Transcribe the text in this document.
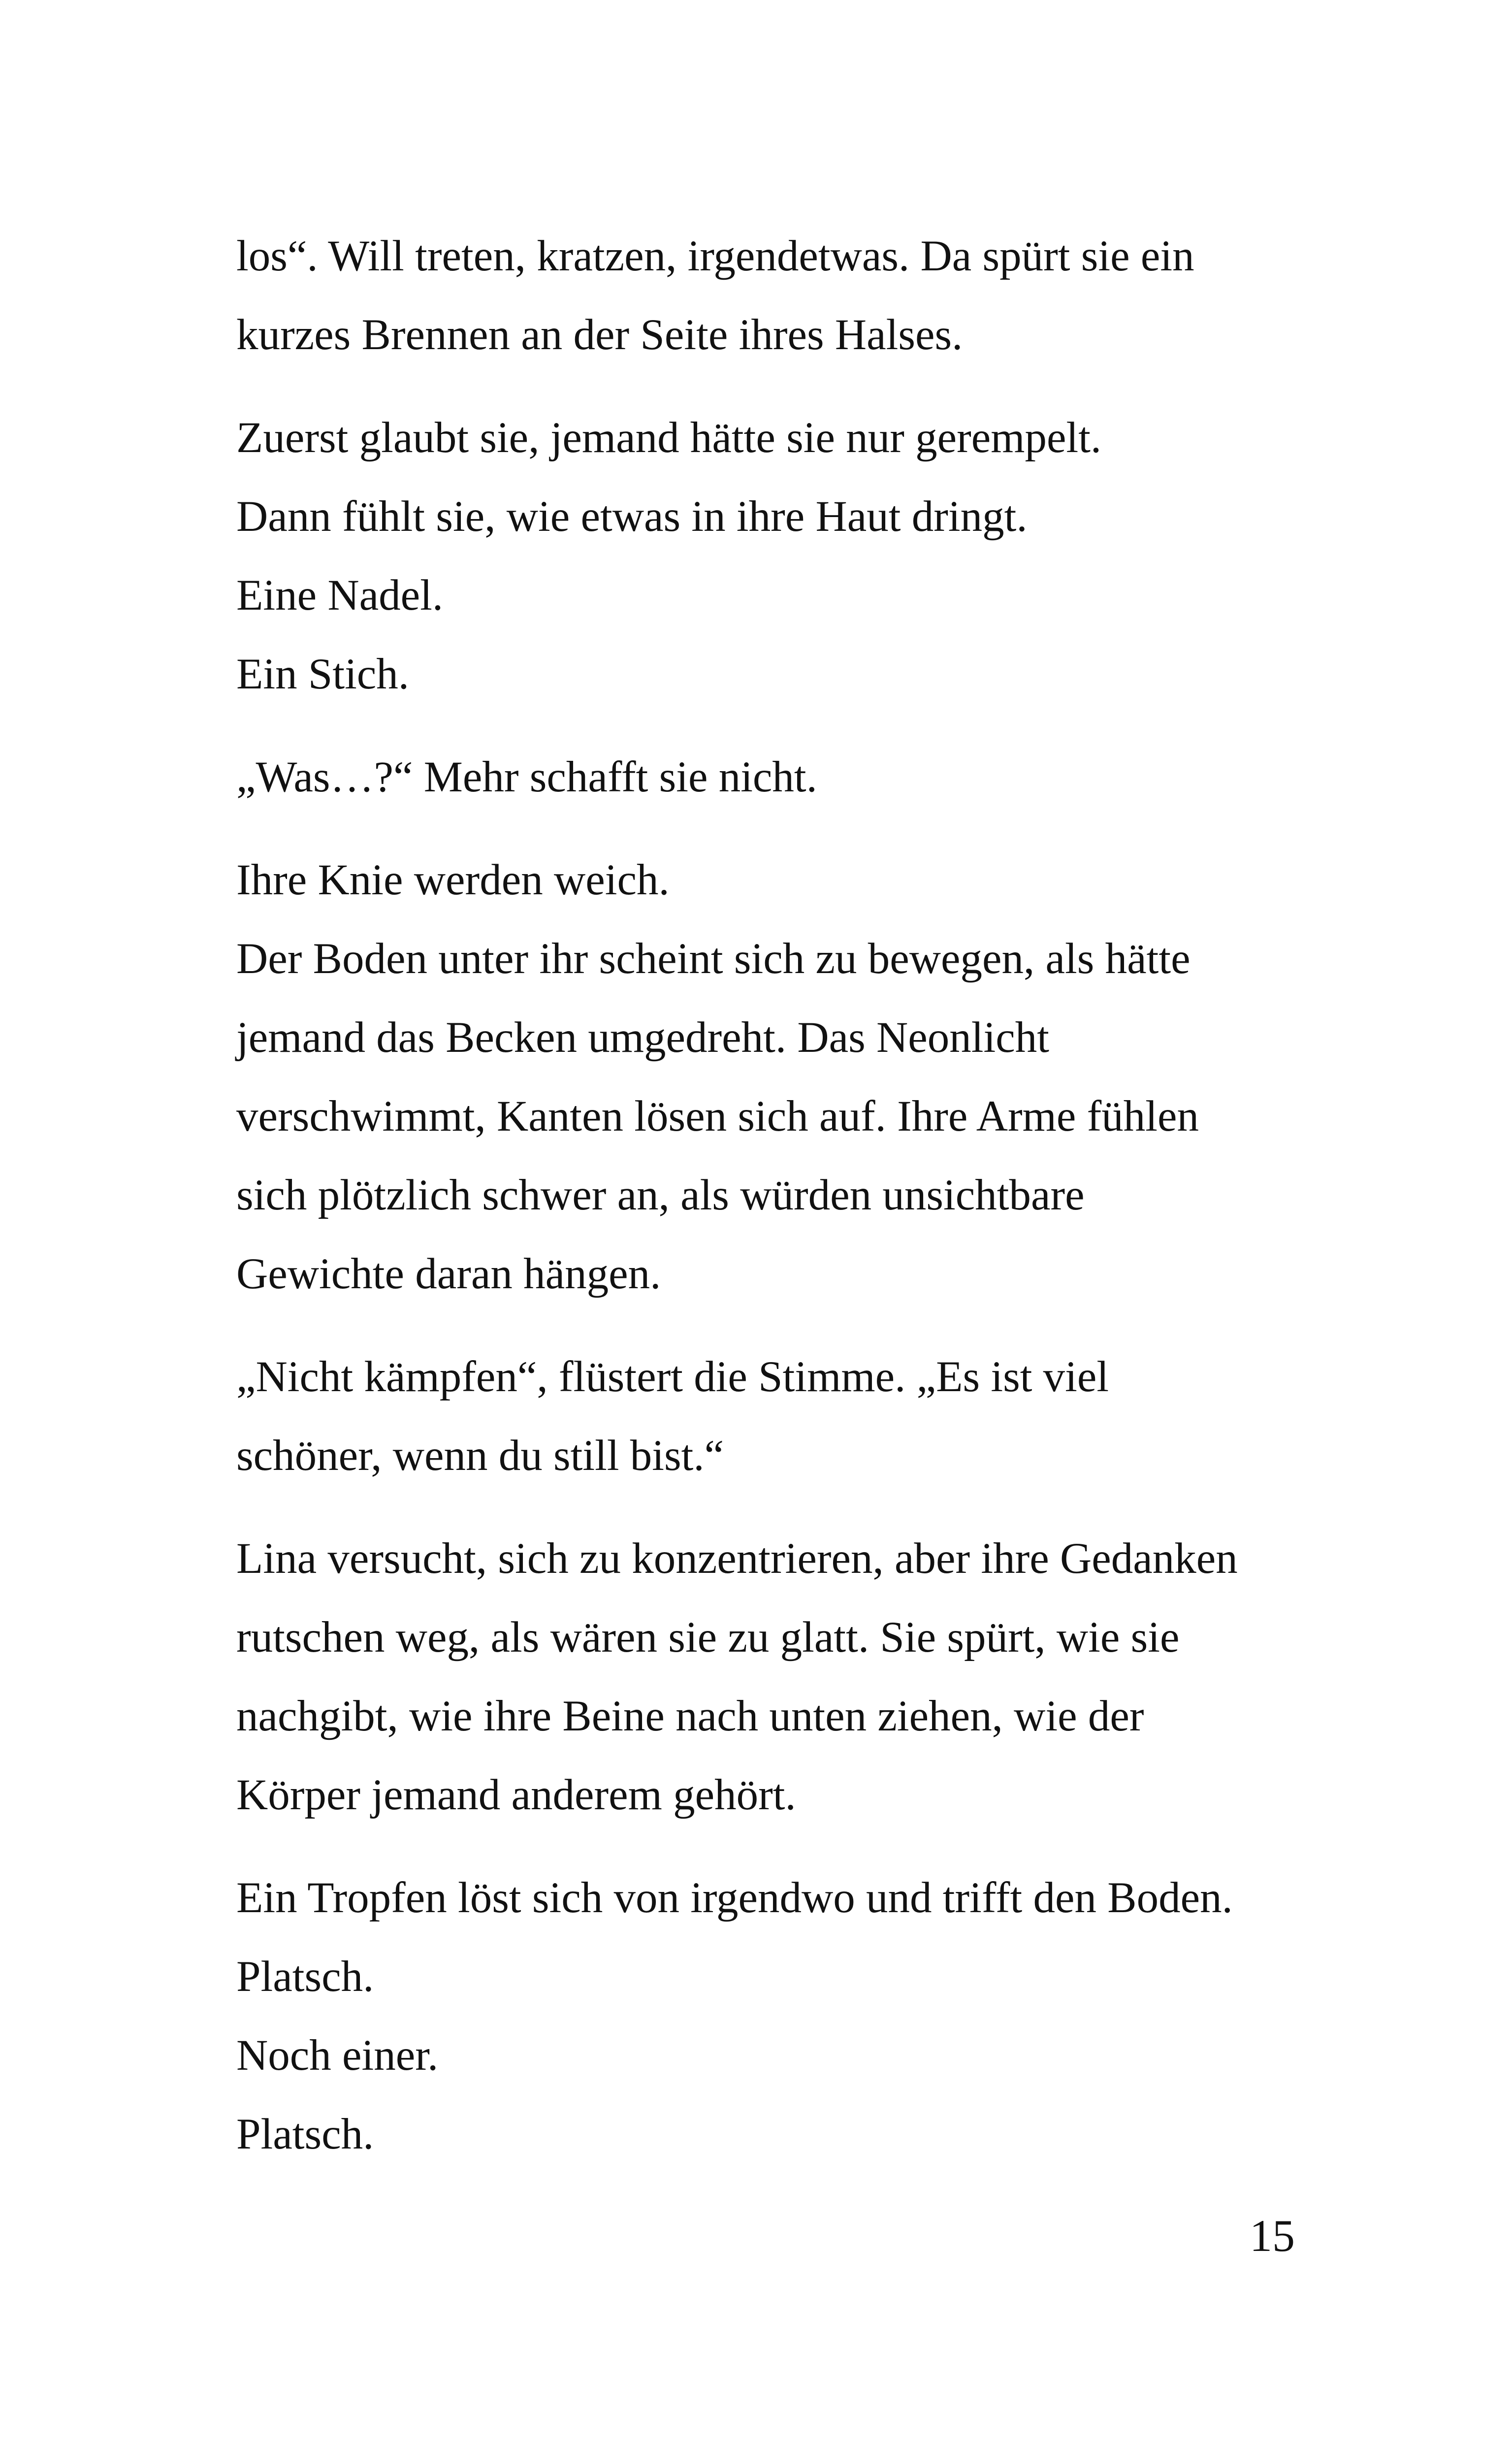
los“. Will treten, kratzen, irgendetwas. Da spürt sie ein
kurzes Brennen an der Seite ihres Halses.

Zuerst glaubt sie, jemand hätte sie nur gerempelt.
Dann fühlt sie, wie etwas in ihre Haut dringt.
Eine Nadel.
Ein Stich.

„Was…?“ Mehr schafft sie nicht.

Ihre Knie werden weich.
Der Boden unter ihr scheint sich zu bewegen, als hätte
jemand das Becken umgedreht. Das Neonlicht
verschwimmt, Kanten lösen sich auf. Ihre Arme fühlen
sich plötzlich schwer an, als würden unsichtbare
Gewichte daran hängen.

„Nicht kämpfen“, flüstert die Stimme. „Es ist viel
schöner, wenn du still bist.“

Lina versucht, sich zu konzentrieren, aber ihre Gedanken
rutschen weg, als wären sie zu glatt. Sie spürt, wie sie
nachgibt, wie ihre Beine nach unten ziehen, wie der
Körper jemand anderem gehört.

Ein Tropfen löst sich von irgendwo und trifft den Boden.
Platsch.
Noch einer.
Platsch.

15
